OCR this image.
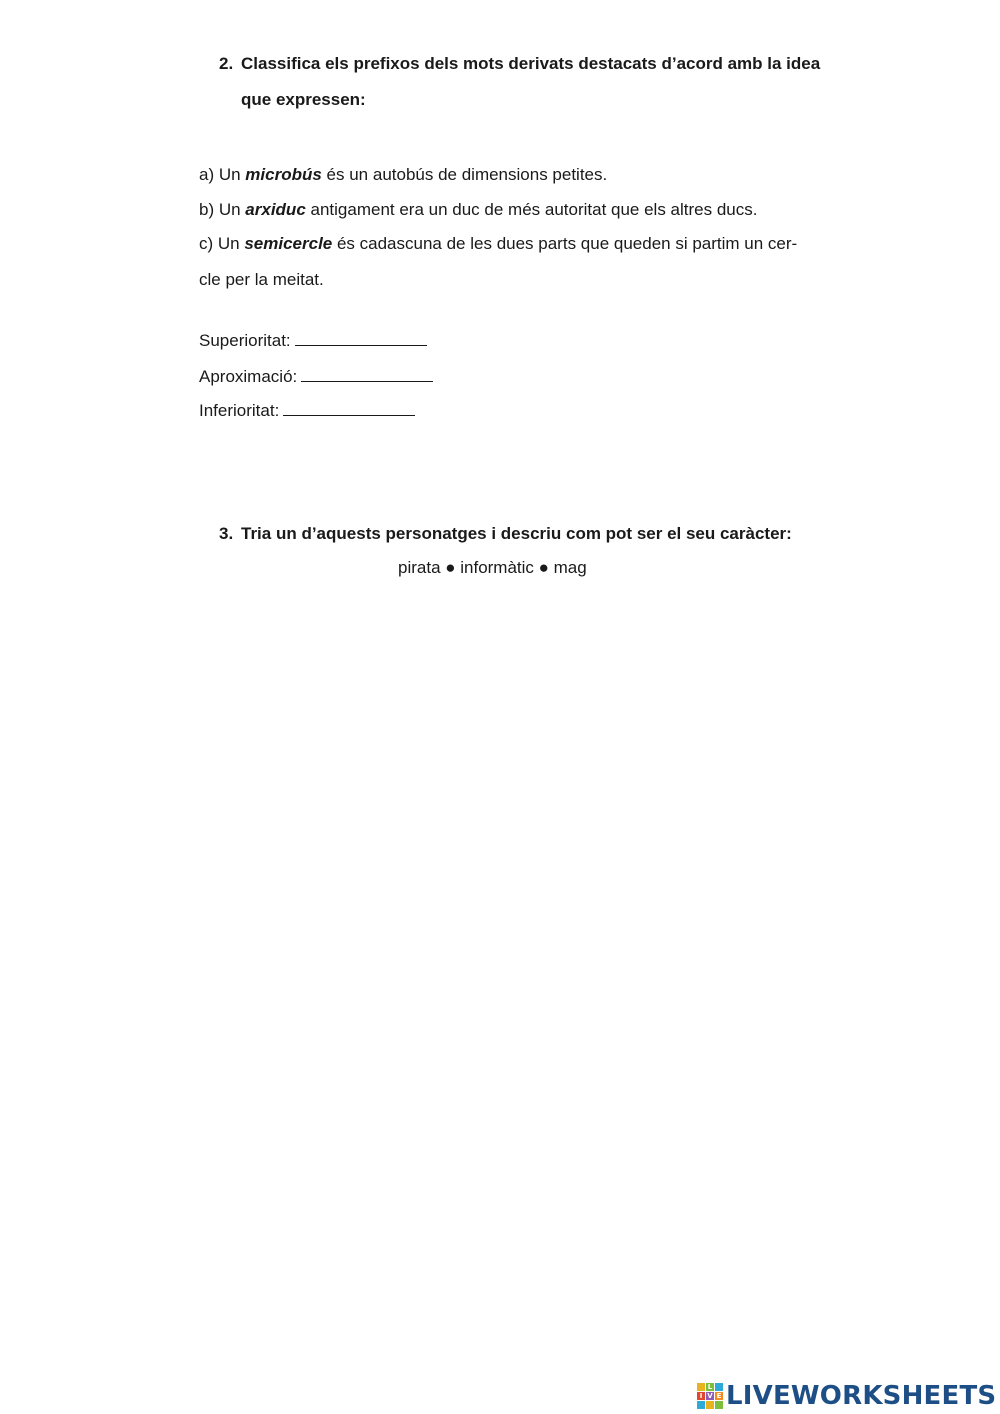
2. Classifica els prefixos dels mots derivats destacats d’acord amb la idea
que expressen:
a) Un microbús és un autobús de dimensions petites.
b) Un arxiduc antigament era un duc de més autoritat que els altres ducs.
c) Un semicercle és cadascuna de les dues parts que queden si partim un cer-
cle per la meitat.
Superioritat:
Aproximació:
Inferioritat:
3. Tria un d’aquests personatges i descriu com pot ser el seu caràcter:
pirata ● informàtic ● mag
L
I V E LIVEWORKSHEETS
